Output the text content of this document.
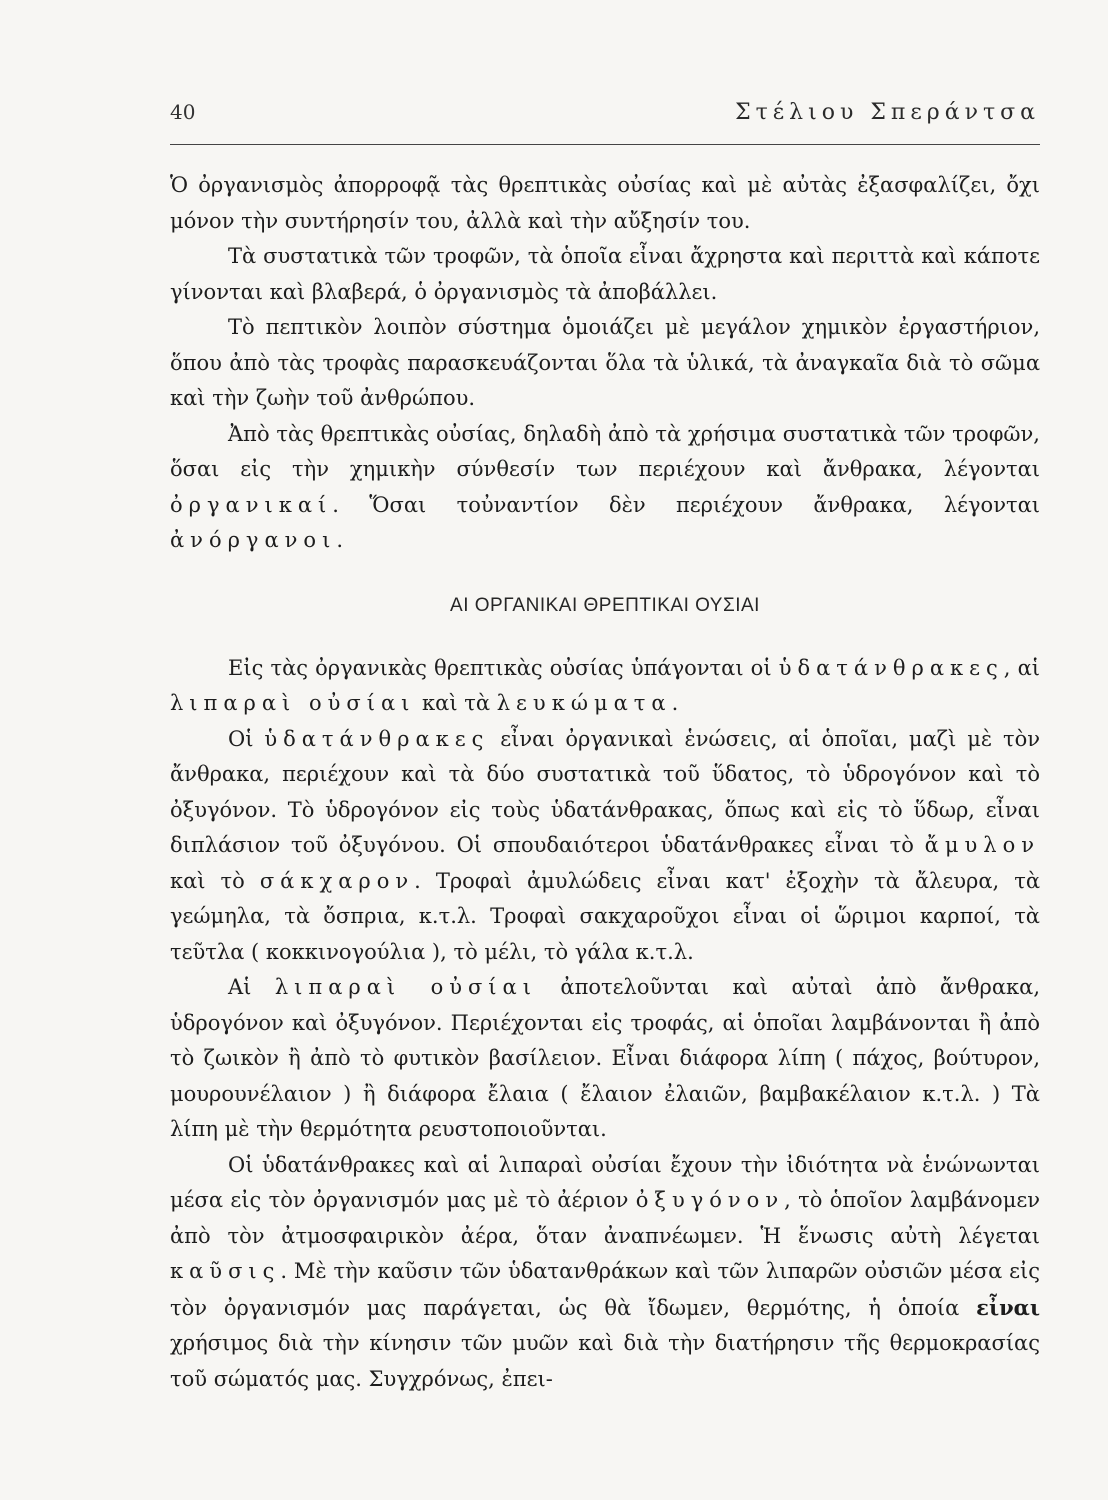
40	Στέλιου Σπεράντσα

Ὁ ὀργανισμὸς ἀπορροφᾷ τὰς θρεπτικὰς οὐσίας καὶ μὲ αὐτὰς ἐξασφαλίζει, ὄχι μόνον τὴν συντήρησίν του, ἀλλὰ καὶ τὴν αὔξησίν του.

Τὰ συστατικὰ τῶν τροφῶν, τὰ ὁποῖα εἶναι ἄχρηστα καὶ περιττὰ καὶ κάποτε γίνονται καὶ βλαβερά, ὁ ὀργανισμὸς τὰ ἀποβάλλει.

Τὸ πεπτικὸν λοιπὸν σύστημα ὁμοιάζει μὲ μεγάλον χημικὸν ἐργαστήριον, ὅπου ἀπὸ τὰς τροφὰς παρασκευάζονται ὅλα τὰ ὑλικά, τὰ ἀναγκαῖα διὰ τὸ σῶμα καὶ τὴν ζωὴν τοῦ ἀνθρώπου.

Ἀπὸ τὰς θρεπτικὰς οὐσίας, δηλαδὴ ἀπὸ τὰ χρήσιμα συστατικὰ τῶν τροφῶν, ὅσαι εἰς τὴν χημικὴν σύνθεσίν των περιέχουν καὶ ἄνθρακα, λέγονται ὀργανικαί. Ὅσαι τοὐναντίον δὲν περιέχουν ἄνθρακα, λέγονται ἀνόργανοι.

ΑΙ ΟΡΓΑΝΙΚΑΙ ΘΡΕΠΤΙΚΑΙ ΟΥΣΙΑΙ

Εἰς τὰς ὀργανικὰς θρεπτικὰς οὐσίας ὑπάγονται οἱ ὑδατάνθρακες, αἱ λιπαραὶ οὐσίαι καὶ τὰ λευκώματα.

Οἱ ὑδατάνθρακες εἶναι ὀργανικαὶ ἑνώσεις, αἱ ὁποῖαι, μαζὶ μὲ τὸν ἄνθρακα, περιέχουν καὶ τὰ δύο συστατικὰ τοῦ ὕδατος, τὸ ὑδρογόνον καὶ τὸ ὀξυγόνον. Τὸ ὑδρογόνον εἰς τοὺς ὑδατάνθρακας, ὅπως καὶ εἰς τὸ ὕδωρ, εἶναι διπλάσιον τοῦ ὀξυγόνου. Οἱ σπουδαιότεροι ὑδατάνθρακες εἶναι τὸ ἄμυλον καὶ τὸ σάκχαρον. Τροφαὶ ἀμυλώδεις εἶναι κατ' ἐξοχὴν τὰ ἄλευρα, τὰ γεώμηλα, τὰ ὄσπρια, κ.τ.λ. Τροφαὶ σακχαροῦχοι εἶναι οἱ ὥριμοι καρποί, τὰ τεῦτλα ( κοκκινογούλια ), τὸ μέλι, τὸ γάλα κ.τ.λ.

Αἱ λιπαραὶ οὐσίαι ἀποτελοῦνται καὶ αὐταὶ ἀπὸ ἄνθρακα, ὑδρογόνον καὶ ὀξυγόνον. Περιέχονται εἰς τροφάς, αἱ ὁποῖαι λαμβάνονται ἢ ἀπὸ τὸ ζωικὸν ἢ ἀπὸ τὸ φυτικὸν βασίλειον. Εἶναι διάφορα λίπη ( πάχος, βούτυρον, μουρουνέλαιον ) ἢ διάφορα ἔλαια ( ἔλαιον ἐλαιῶν, βαμβακέλαιον κ.τ.λ. ) Τὰ λίπη μὲ τὴν θερμότητα ρευστοποιοῦνται.

Οἱ ὑδατάνθρακες καὶ αἱ λιπαραὶ οὐσίαι ἔχουν τὴν ἰδιότητα νὰ ἑνώνωνται μέσα εἰς τὸν ὀργανισμόν μας μὲ τὸ ἀέριον ὀξυγόνον, τὸ ὁποῖον λαμβάνομεν ἀπὸ τὸν ἀτμοσφαιρικὸν ἀέρα, ὅταν ἀναπνέωμεν. Ἡ ἕνωσις αὐτὴ λέγεται καῦσις. Μὲ τὴν καῦσιν τῶν ὑδατανθράκων καὶ τῶν λιπαρῶν οὐσιῶν μέσα εἰς τὸν ὀργανισμόν μας παράγεται, ὡς θὰ ἴδωμεν, θερμότης, ἡ ὁποία εἶναι χρήσιμος διὰ τὴν κίνησιν τῶν μυῶν καὶ διὰ τὴν διατήρησιν τῆς θερμοκρασίας τοῦ σώματός μας. Συγχρόνως, ἐπει-
